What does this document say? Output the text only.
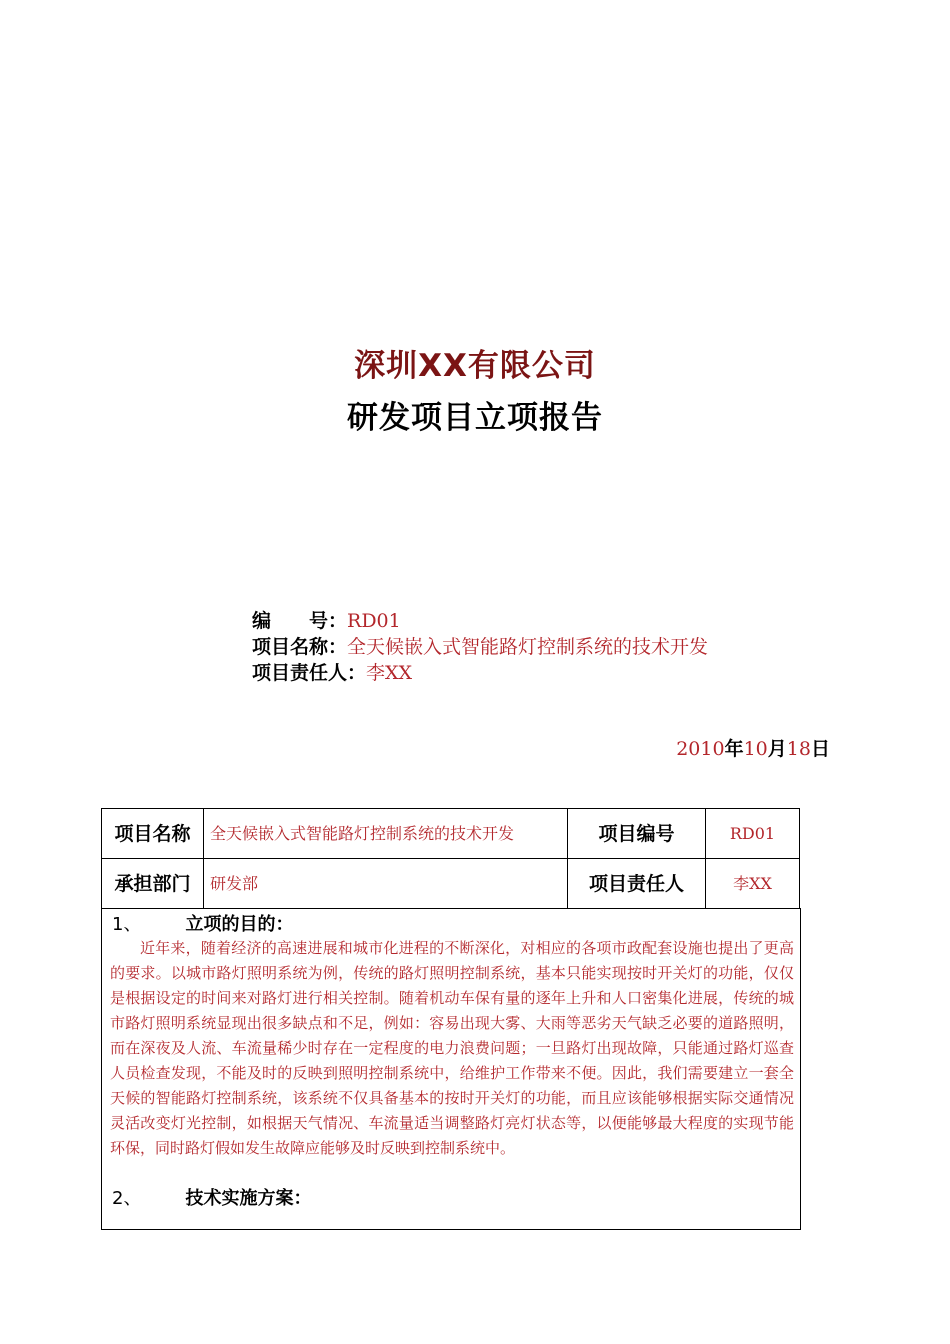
深圳XX有限公司
研发项目立项报告
编　　号：RD01
项目名称：全天候嵌入式智能路灯控制系统的技术开发
项目责任人：李XX
2010年10月18日
项目名称	全天候嵌入式智能路灯控制系统的技术开发	项目编号	RD01
承担部门	研发部	项目责任人	李XX
1、 立项的目的：
近年来，随着经济的高速进展和城市化进程的不断深化，对相应的各项市政配套设施也提出了更高的要求。以城市路灯照明系统为例，传统的路灯照明控制系统，基本只能实现按时开关灯的功能，仅仅是根据设定的时间来对路灯进行相关控制。随着机动车保有量的逐年上升和人口密集化进展，传统的城市路灯照明系统显现出很多缺点和不足，例如：容易出现大雾、大雨等恶劣天气缺乏必要的道路照明，而在深夜及人流、车流量稀少时存在一定程度的电力浪费问题；一旦路灯出现故障，只能通过路灯巡查人员检查发现，不能及时的反映到照明控制系统中，给维护工作带来不便。因此，我们需要建立一套全天候的智能路灯控制系统，该系统不仅具备基本的按时开关灯的功能，而且应该能够根据实际交通情况灵活改变灯光控制，如根据天气情况、车流量适当调整路灯亮灯状态等，以便能够最大程度的实现节能环保，同时路灯假如发生故障应能够及时反映到控制系统中。
2、 技术实施方案：
